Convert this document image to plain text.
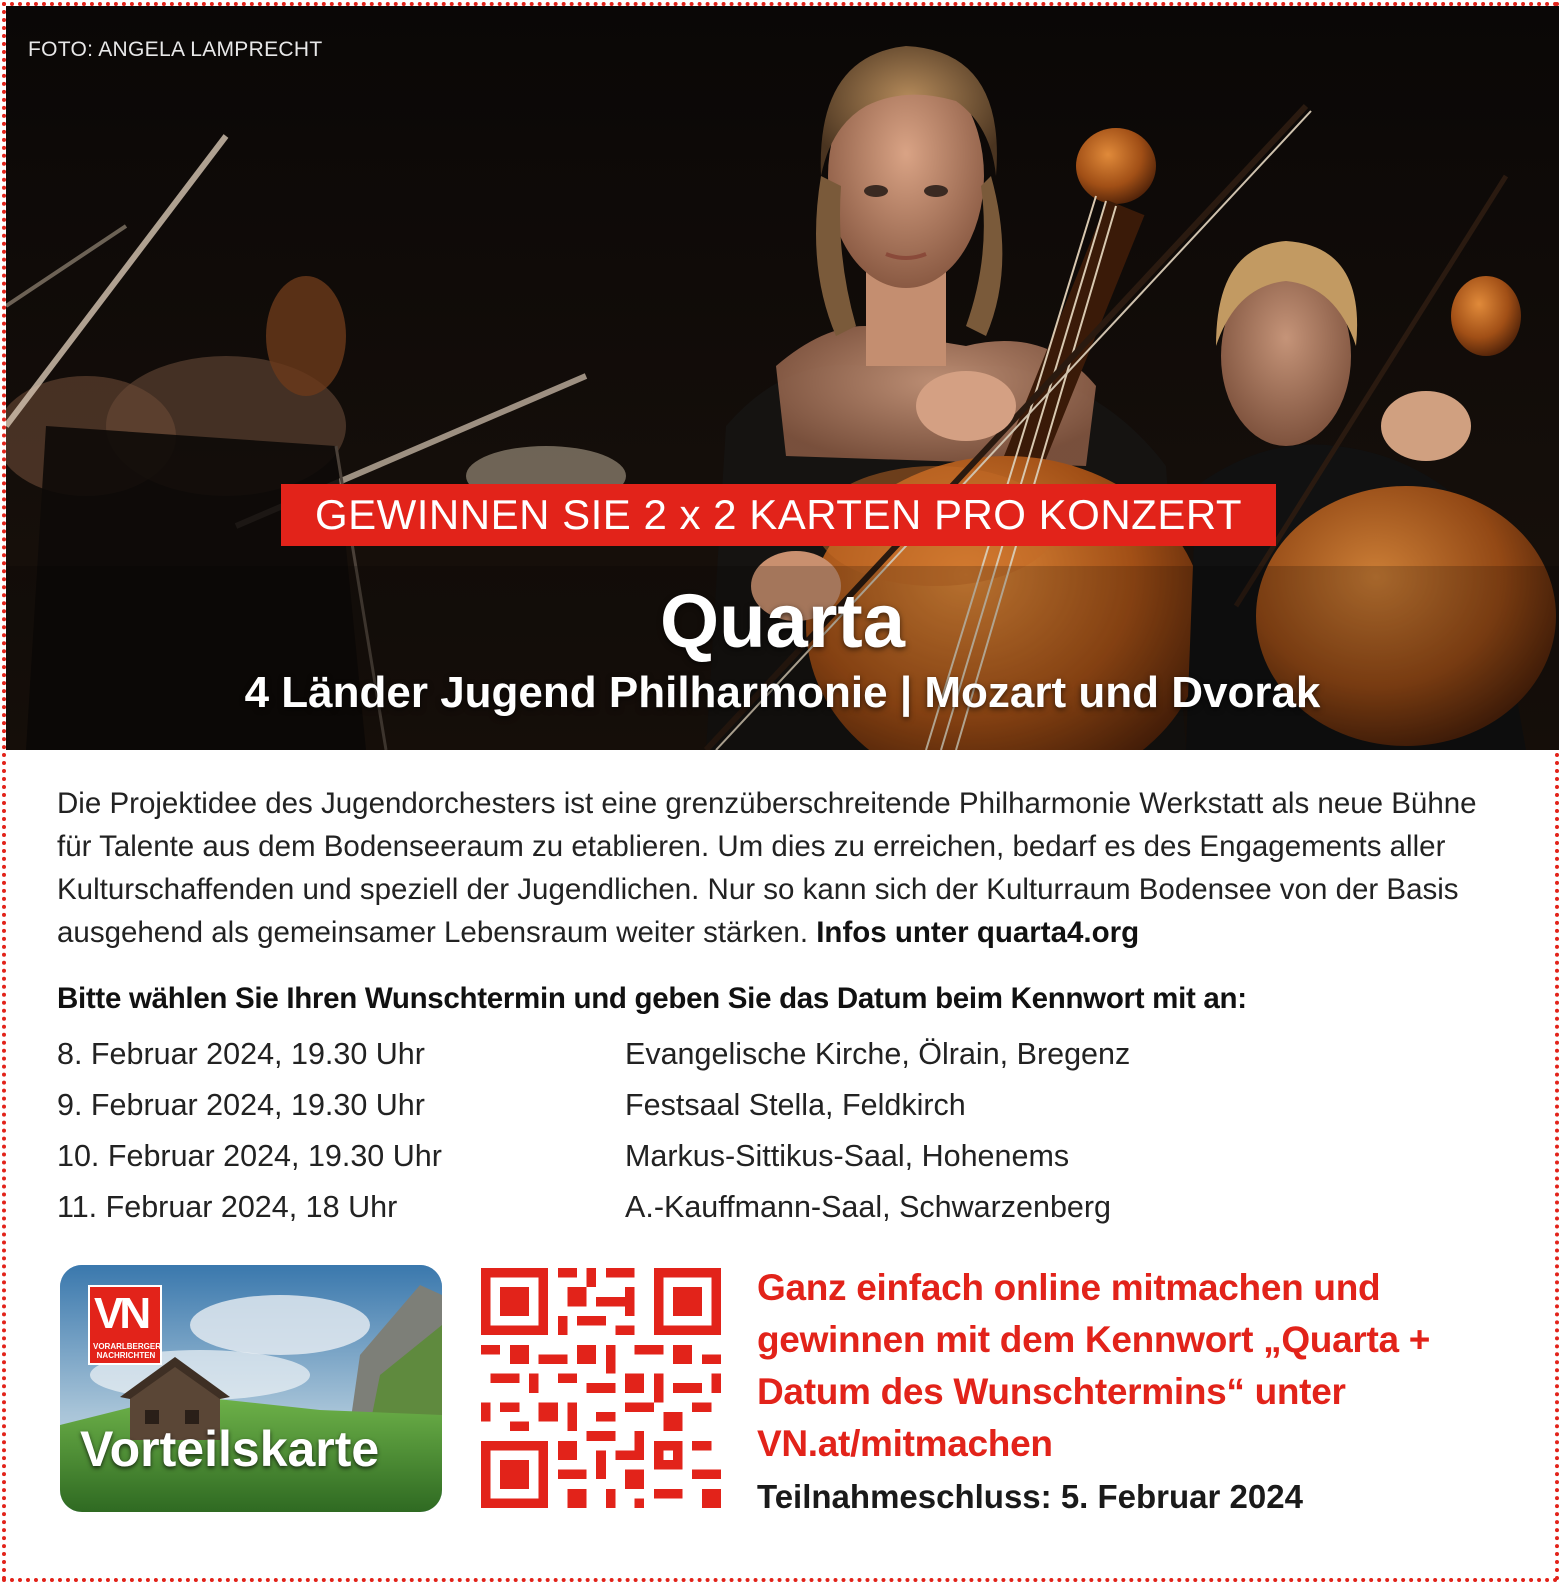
FOTO: ANGELA LAMPRECHT
GEWINNEN SIE 2 x 2 KARTEN PRO KONZERT
Quarta
4 Länder Jugend Philharmonie | Mozart und Dvorak
Die Projektidee des Jugendorchesters ist eine grenzüberschreitende Philharmonie Werkstatt als neue Bühne für Talente aus dem Bodenseeraum zu etablieren. Um dies zu erreichen, bedarf es des Engagements aller Kulturschaffenden und speziell der Jugendlichen. Nur so kann sich der Kulturraum Bodensee von der Basis ausgehend als gemeinsamer Lebensraum weiter stärken. Infos unter quarta4.org
Bitte wählen Sie Ihren Wunschtermin und geben Sie das Datum beim Kennwort mit an:
8. Februar 2024, 19.30 Uhr	Evangelische Kirche, Ölrain, Bregenz
9. Februar 2024, 19.30 Uhr	Festsaal Stella, Feldkirch
10. Februar 2024, 19.30 Uhr	Markus-Sittikus-Saal, Hohenems
11. Februar 2024, 18 Uhr	A.-Kauffmann-Saal, Schwarzenberg
VN
VORARLBERGER NACHRICHTEN
Vorteilskarte
Ganz einfach online mitmachen und gewinnen mit dem Kennwort „Quarta + Datum des Wunschtermins“ unter VN.at/mitmachen
Teilnahmeschluss: 5. Februar 2024
